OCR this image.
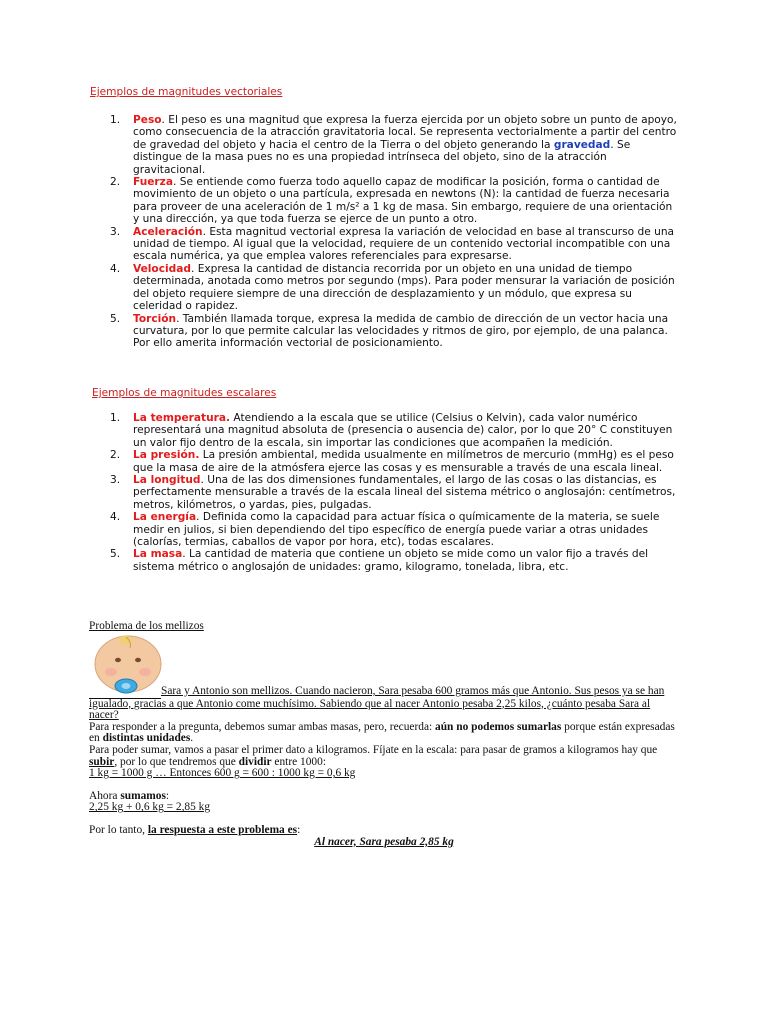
Ejemplos de magnitudes vectoriales
1. Peso. El peso es una magnitud que expresa la fuerza ejercida por un objeto sobre un punto de apoyo, como consecuencia de la atracción gravitatoria local. Se representa vectorialmente a partir del centro de gravedad del objeto y hacia el centro de la Tierra o del objeto generando la gravedad. Se distingue de la masa pues no es una propiedad intrínseca del objeto, sino de la atracción gravitacional.
2. Fuerza. Se entiende como fuerza todo aquello capaz de modificar la posición, forma o cantidad de movimiento de un objeto o una partícula, expresada en newtons (N): la cantidad de fuerza necesaria para proveer de una aceleración de 1 m/s² a 1 kg de masa. Sin embargo, requiere de una orientación y una dirección, ya que toda fuerza se ejerce de un punto a otro.
3. Aceleración. Esta magnitud vectorial expresa la variación de velocidad en base al transcurso de una unidad de tiempo. Al igual que la velocidad, requiere de un contenido vectorial incompatible con una escala numérica, ya que emplea valores referenciales para expresarse.
4. Velocidad. Expresa la cantidad de distancia recorrida por un objeto en una unidad de tiempo determinada, anotada como metros por segundo (mps). Para poder mensurar la variación de posición del objeto requiere siempre de una dirección de desplazamiento y un módulo, que expresa su celeridad o rapidez.
5. Torción. También llamada torque, expresa la medida de cambio de dirección de un vector hacia una curvatura, por lo que permite calcular las velocidades y ritmos de giro, por ejemplo, de una palanca. Por ello amerita información vectorial de posicionamiento.
Ejemplos de magnitudes escalares
1. La temperatura. Atendiendo a la escala que se utilice (Celsius o Kelvin), cada valor numérico representará una magnitud absoluta de (presencia o ausencia de) calor, por lo que 20° C constituyen un valor fijo dentro de la escala, sin importar las condiciones que acompañen la medición.
2. La presión. La presión ambiental, medida usualmente en milímetros de mercurio (mmHg) es el peso que la masa de aire de la atmósfera ejerce las cosas y es mensurable a través de una escala lineal.
3. La longitud. Una de las dos dimensiones fundamentales, el largo de las cosas o las distancias, es perfectamente mensurable a través de la escala lineal del sistema métrico o anglosajón: centímetros, metros, kilómetros, o yardas, pies, pulgadas.
4. La energía. Definida como la capacidad para actuar física o químicamente de la materia, se suele medir en julios, si bien dependiendo del tipo específico de energía puede variar a otras unidades (calorías, termias, caballos de vapor por hora, etc), todas escalares.
5. La masa. La cantidad de materia que contiene un objeto se mide como un valor fijo a través del sistema métrico o anglosajón de unidades: gramo, kilogramo, tonelada, libra, etc.
Problema de los mellizos

Sara y Antonio son mellizos. Cuando nacieron, Sara pesaba 600 gramos más que Antonio. Sus pesos ya se han igualado, gracias a que Antonio come muchísimo. Sabiendo que al nacer Antonio pesaba 2,25 kilos, ¿cuánto pesaba Sara al nacer?

Para responder a la pregunta, debemos sumar ambas masas, pero, recuerda: aún no podemos sumarlas porque están expresadas en distintas unidades.

Para poder sumar, vamos a pasar el primer dato a kilogramos. Fíjate en la escala: para pasar de gramos a kilogramos hay que subir, por lo que tendremos que dividir entre 1000:

1 kg = 1000 g … Entonces 600 g = 600 : 1000 kg = 0,6 kg

Ahora sumamos:

2,25 kg + 0,6 kg = 2,85 kg

Por lo tanto, la respuesta a este problema es:

Al nacer, Sara pesaba 2,85 kg
